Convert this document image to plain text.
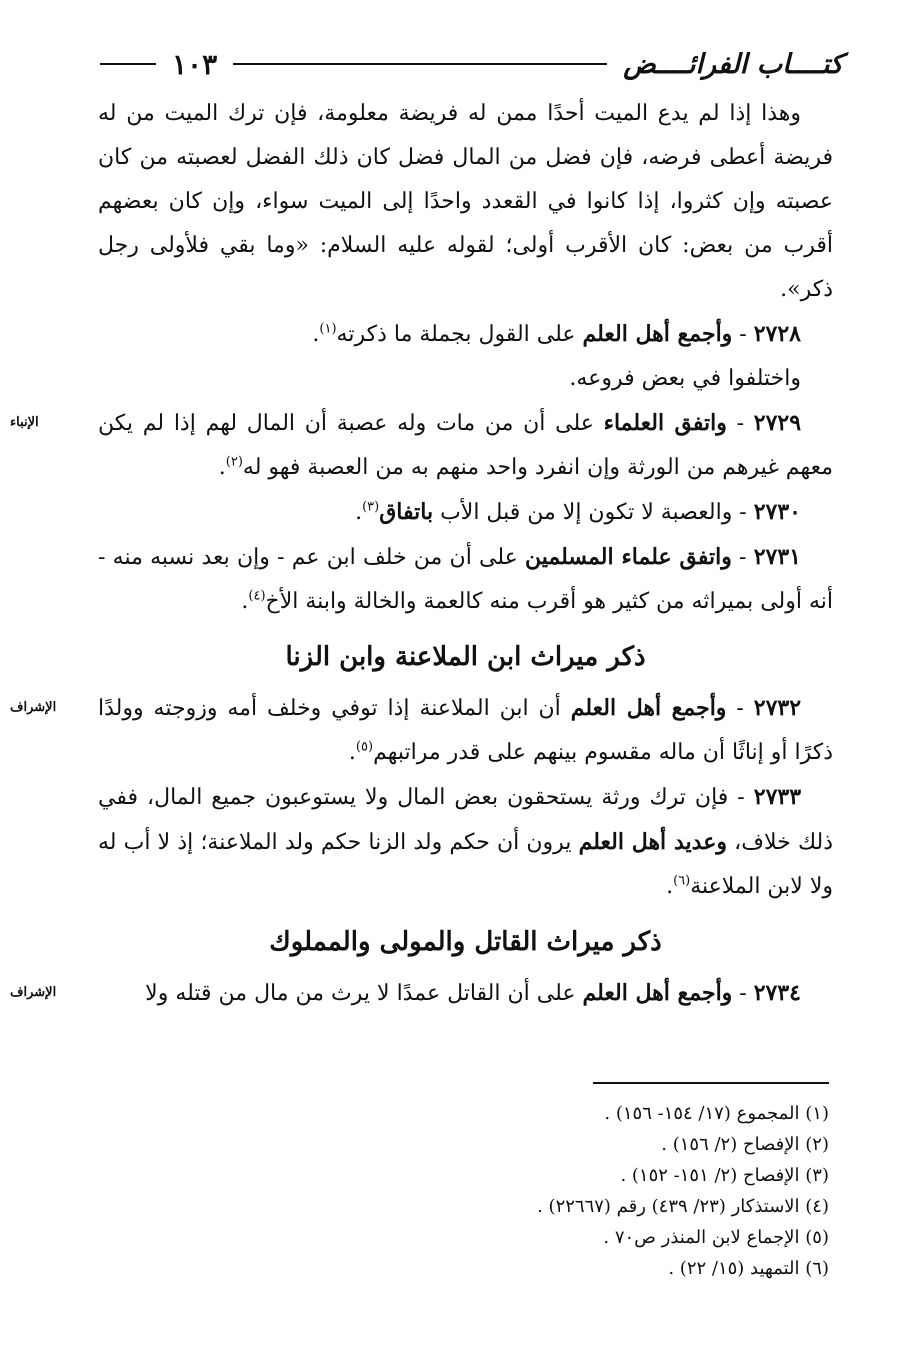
كتــــاب الفرائــــض
١٠٣

وهذا إذا لم يدع الميت أحدًا ممن له فريضة معلومة، فإن ترك الميت من له فريضة أعطى فرضه، فإن فضل من المال فضل كان ذلك الفضل لعصبته من كان عصبته وإن كثروا، إذا كانوا في القعدد واحدًا إلى الميت سواء، وإن كان بعضهم أقرب من بعض: كان الأقرب أولى؛ لقوله عليه السلام: «وما بقي فلأولى رجل ذكر».

٢٧٢٨ - وأجمع أهل العلم على القول بجملة ما ذكرته$^{(١)}$.

واختلفوا في بعض فروعه.

الإنباء	٢٧٢٩ - واتفق العلماء على أن من مات وله عصبة أن المال لهم إذا لم يكن معهم غيرهم من الورثة وإن انفرد واحد منهم به من العصبة فهو له$^{(٢)}$.

٢٧٣٠ - والعصبة لا تكون إلا من قبل الأب باتفاق$^{(٣)}$.

٢٧٣١ - واتفق علماء المسلمين على أن من خلف ابن عم - وإن بعد نسبه منه - أنه أولى بميراثه من كثير هو أقرب منه كالعمة والخالة وابنة الأخ$^{(٤)}$.

ذكر ميراث ابن الملاعنة وابن الزنا

الإشراف	٢٧٣٢ - وأجمع أهل العلم أن ابن الملاعنة إذا توفي وخلف أمه وزوجته وولدًا ذكرًا أو إناثًا أن ماله مقسوم بينهم على قدر مراتبهم$^{(٥)}$.

٢٧٣٣ - فإن ترك ورثة يستحقون بعض المال ولا يستوعبون جميع المال، ففي ذلك خلاف، وعديد أهل العلم يرون أن حكم ولد الزنا حكم ولد الملاعنة؛ إذ لا أب له ولا لابن الملاعنة$^{(٦)}$.

ذكر ميراث القاتل والمولى والمملوك

الإشراف	٢٧٣٤ - وأجمع أهل العلم على أن القاتل عمدًا لا يرث من مال من قتله ولا

(١) المجموع (١٧/ ١٥٤- ١٥٦) .
(٢) الإفصاح (٢/ ١٥٦) .
(٣) الإفصاح (٢/ ١٥١- ١٥٢) .
(٤) الاستذكار (٢٣/ ٤٣٩) رقم (٢٢٦٦٧) .
(٥) الإجماع لابن المنذر ص٧٠ .
(٦) التمهيد (١٥/ ٢٢) .
